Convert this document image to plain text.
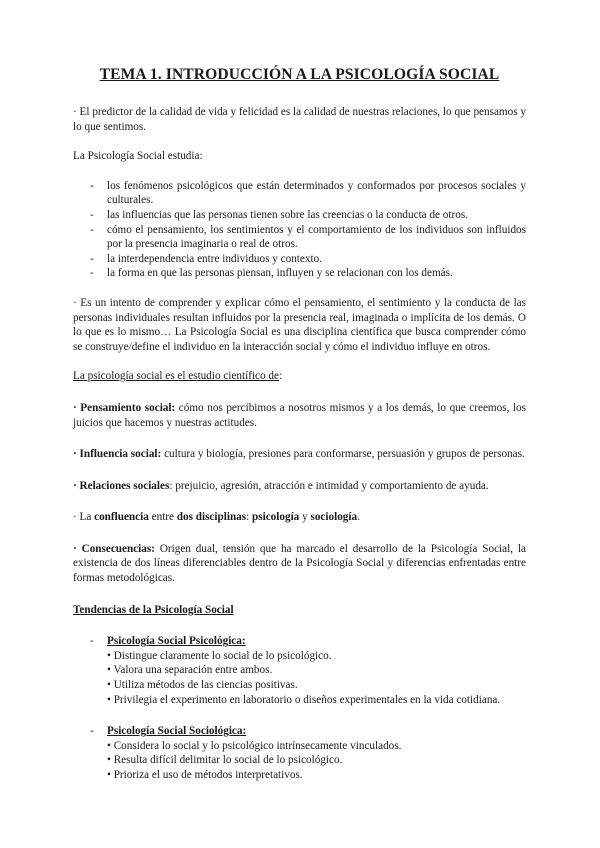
TEMA 1. INTRODUCCIÓN A LA PSICOLOGÍA SOCIAL

· El predictor de la calidad de vida y felicidad es la calidad de nuestras relaciones, lo que pensamos y lo que sentimos.

La Psicología Social estudia:

- los fenómenos psicológicos que están determinados y conformados por procesos sociales y culturales.
- las influencias que las personas tienen sobre las creencias o la conducta de otros.
- cómo el pensamiento, los sentimientos y el comportamiento de los individuos son influidos por la presencia imaginaria o real de otros.
- la interdependencia entre individuos y contexto.
- la forma en que las personas piensan, influyen y se relacionan con los demás.

· Es un intento de comprender y explicar cómo el pensamiento, el sentimiento y la conducta de las personas individuales resultan influidos por la presencia real, imaginada o implícita de los demás. O lo que es lo mismo… La Psicología Social es una disciplina científica que busca comprender cómo se construye/define el individuo en la interacción social y cómo el individuo influye en otros.

La psicología social es el estudio científico de:

· Pensamiento social: cómo nos percibimos a nosotros mismos y a los demás, lo que creemos, los juicios que hacemos y nuestras actitudes.

· Influencia social: cultura y biología, presiones para conformarse, persuasión y grupos de personas.

· Relaciones sociales: prejuicio, agresión, atracción e intimidad y comportamiento de ayuda.

· La confluencia entre dos disciplinas: psicología y sociología.

· Consecuencias: Origen dual, tensión que ha marcado el desarrollo de la Psicología Social, la existencia de dos líneas diferenciables dentro de la Psicología Social y diferencias enfrentadas entre formas metodológicas.

Tendencias de la Psicología Social

- Psicología Social Psicológica:
• Distingue claramente lo social de lo psicológico.
• Valora una separación entre ambos.
• Utiliza métodos de las ciencias positivas.
• Privilegia el experimento en laboratorio o diseños experimentales en la vida cotidiana.
- Psicología Social Sociológica:
• Considera lo social y lo psicológico intrínsecamente vinculados.
• Resulta difícil delimitar lo social de lo psicológico.
• Prioriza el uso de métodos interpretativos.
